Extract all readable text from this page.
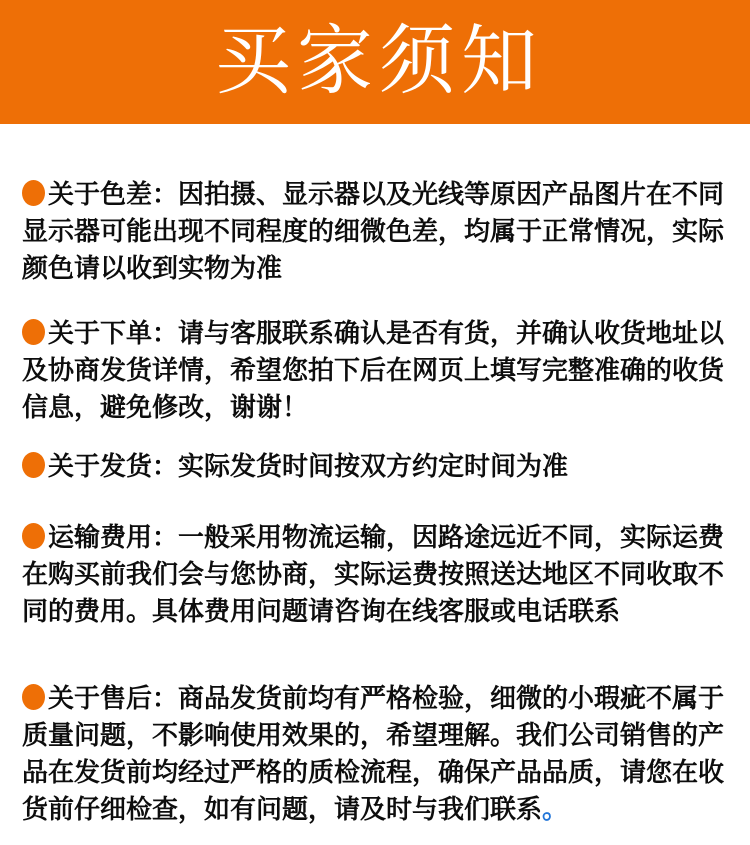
买家须知

关于色差：因拍摄、显示器以及光线等原因产品图片在不同显示器可能出现不同程度的细微色差，均属于正常情况，实际颜色请以收到实物为准

关于下单：请与客服联系确认是否有货，并确认收货地址以及协商发货详情，希望您拍下后在网页上填写完整准确的收货信息，避免修改，谢谢！

关于发货：实际发货时间按双方约定时间为准

运输费用：一般采用物流运输，因路途远近不同，实际运费在购买前我们会与您协商，实际运费按照送达地区不同收取不同的费用。具体费用问题请咨询在线客服或电话联系

关于售后：商品发货前均有严格检验，细微的小瑕疵不属于质量问题，不影响使用效果的，希望理解。我们公司销售的产品在发货前均经过严格的质检流程，确保产品品质，请您在收货前仔细检查，如有问题，请及时与我们联系。
